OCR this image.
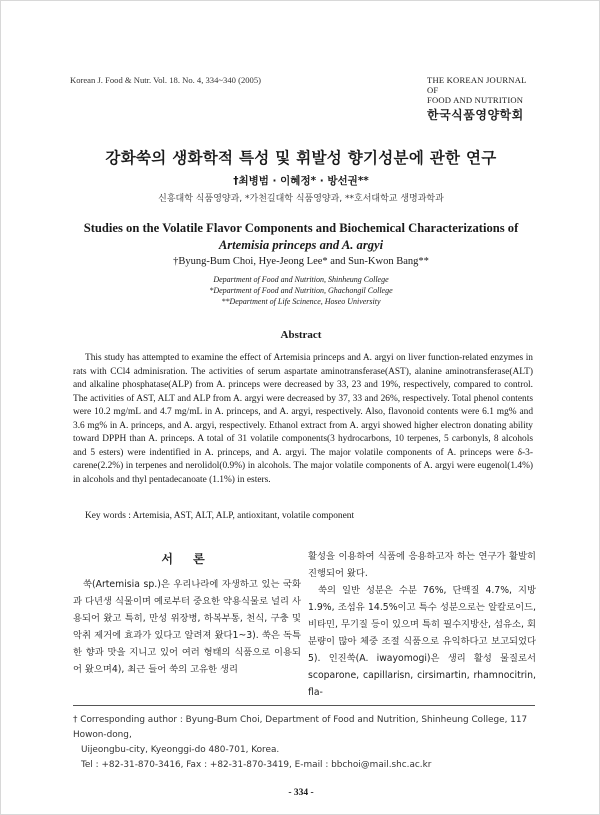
Korean J. Food & Nutr. Vol. 18. No. 4, 334~340 (2005)	THE KOREAN JOURNAL OF
FOOD AND NUTRITION
한국식품영양학회
강화쑥의 생화학적 특성 및 휘발성 향기성분에 관한 연구
†최병범 · 이혜정* · 방선권**
신흥대학 식품영양과, *가천길대학 식품영양과, **호서대학교 생명과학과
Studies on the Volatile Flavor Components and Biochemical Characterizations of
Artemisia princeps and A. argyi
†Byung-Bum Choi, Hye-Jeong Lee* and Sun-Kwon Bang**
Department of Food and Nutrition, Shinheung College
*Department of Food and Nutrition, Ghachongil College
**Department of Life Scinence, Hoseo University
Abstract
This study has attempted to examine the effect of Artemisia princeps and A. argyi on liver function-related enzymes in rats with CCl4 adminisration. The activities of serum aspartate aminotransferase(AST), alanine aminotransferase(ALT) and alkaline phosphatase(ALP) from A. princeps were decreased by 33, 23 and 19%, respectively, compared to control. The activities of AST, ALT and ALP from A. argyi were decreased by 37, 33 and 26%, respectively. Total phenol contents were 10.2 mg/mL and 4.7 mg/mL in A. princeps, and A. argyi, respectively. Also, flavonoid contents were 6.1 mg% and 3.6 mg% in A. princeps, and A. argyi, respectively. Ethanol extract from A. argyi showed higher electron donating ability toward DPPH than A. princeps. A total of 31 volatile components(3 hydrocarbons, 10 terpenes, 5 carbonyls, 8 alcohols and 5 esters) were indentified in A. princeps, and A. argyi. The major volatile components of A. princeps were δ-3-carene(2.2%) in terpenes and nerolidol(0.9%) in alcohols. The major volatile components of A. argyi were eugenol(1.4%) in alcohols and thyl pentadecanoate (1.1%) in esters.
Key words : Artemisia, AST, ALT, ALP, antioxitant, volatile component
서 론

쑥(Artemisia sp.)은 우리나라에 자생하고 있는 국화과 다년생 식물이며 예로부터 중요한 약용식물로 널리 사용되어 왔고 특히, 만성 위장병, 하복부통, 천식, 구충 및 악취 제거에 효과가 있다고 알려져 왔다1~3). 쑥은 독특한 향과 맛을 지니고 있어 여러 형태의 식품으로 이용되어 왔으며4), 최근 들어 쑥의 고유한 생리

활성을 이용하여 식품에 응용하고자 하는 연구가 활발히 진행되어 왔다.

쑥의 일반 성분은 수분 76%, 단백질 4.7%, 지방 1.9%, 조섬유 14.5%이고 특수 성분으로는 알칼로이드, 비타민, 무기질 등이 있으며 특히 필수지방산, 섬유소, 회분량이 많아 체중 조절 식품으로 유익하다고 보고되었다5). 인진쑥(A. iwayomogi)은 생리 활성 물질로서 scoparone, capillarisn, cirsimartin, rhamnocitrin, fla-

† Corresponding author : Byung-Bum Choi, Department of Food and Nutrition, Shinheung College, 117 Howon-dong,
Uijeongbu-city, Kyeonggi-do 480-701, Korea.
Tel : +82-31-870-3416, Fax : +82-31-870-3419, E-mail : bbchoi@mail.shc.ac.kr
- 334 -
